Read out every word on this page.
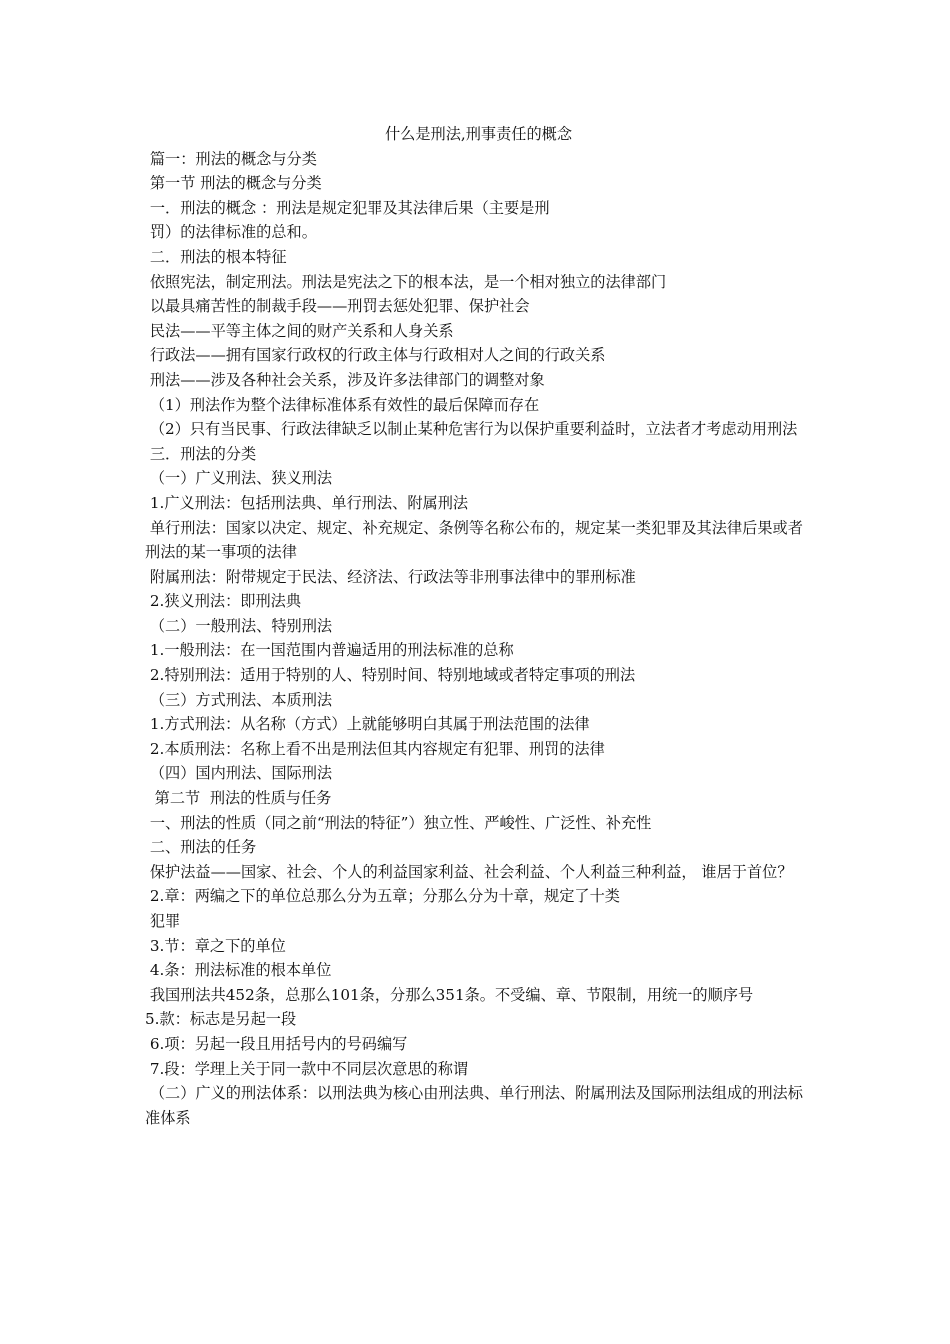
什么是刑法,刑事责任的概念

篇一：刑法的概念与分类

第一节 刑法的概念与分类

一．刑法的概念 ：刑法是规定犯罪及其法律后果（主要是刑

罚）的法律标准的总和。

二．刑法的根本特征

依照宪法，制定刑法。刑法是宪法之下的根本法，是一个相对独立的法律部门

以最具痛苦性的制裁手段——刑罚去惩处犯罪、保护社会

民法——平等主体之间的财产关系和人身关系

行政法——拥有国家行政权的行政主体与行政相对人之间的行政关系

刑法——涉及各种社会关系，涉及许多法律部门的调整对象

（1）刑法作为整个法律标准体系有效性的最后保障而存在

（2）只有当民事、行政法律缺乏以制止某种危害行为以保护重要利益时，立法者才考虑动用刑法

三．刑法的分类

（一）广义刑法、狭义刑法

1.广义刑法：包括刑法典、单行刑法、附属刑法

单行刑法：国家以决定、规定、补充规定、条例等名称公布的，规定某一类犯罪及其法律后果或者刑法的某一事项的法律

附属刑法：附带规定于民法、经济法、行政法等非刑事法律中的罪刑标准

2.狭义刑法：即刑法典

（二）一般刑法、特别刑法

1.一般刑法：在一国范围内普遍适用的刑法标准的总称

2.特别刑法：适用于特别的人、特别时间、特别地域或者特定事项的刑法

（三）方式刑法、本质刑法

1.方式刑法：从名称（方式）上就能够明白其属于刑法范围的法律

2.本质刑法：名称上看不出是刑法但其内容规定有犯罪、刑罚的法律

（四）国内刑法、国际刑法

第二节  刑法的性质与任务

一、刑法的性质（同之前“刑法的特征”）独立性、严峻性、广泛性、补充性

二、刑法的任务

保护法益——国家、社会、个人的利益国家利益、社会利益、个人利益三种利益， 谁居于首位？

2.章：两编之下的单位总那么分为五章；分那么分为十章，规定了十类

犯罪

3.节：章之下的单位

4.条：刑法标准的根本单位

我国刑法共452条，总那么101条，分那么351条。不受编、章、节限制，用统一的顺序号

5.款：标志是另起一段

6.项：另起一段且用括号内的号码编写

7.段：学理上关于同一款中不同层次意思的称谓

（二）广义的刑法体系：以刑法典为核心由刑法典、单行刑法、附属刑法及国际刑法组成的刑法标准体系
